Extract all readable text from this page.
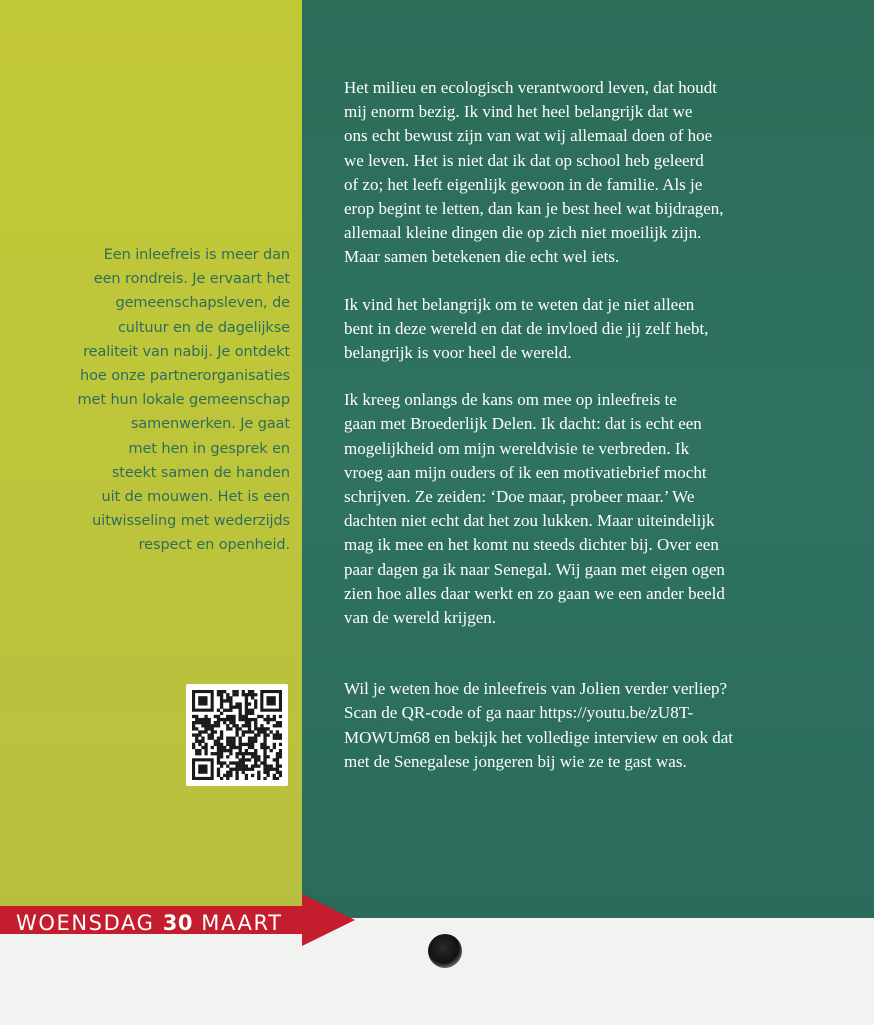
Een inleefreis is meer dan
een rondreis. Je ervaart het
gemeenschapsleven, de
cultuur en de dagelijkse
realiteit van nabij. Je ontdekt
hoe onze partnerorganisaties
met hun lokale gemeenschap
samenwerken. Je gaat
met hen in gesprek en
steekt samen de handen
uit de mouwen. Het is een
uitwisseling met wederzijds
respect en openheid.

Het milieu en ecologisch verantwoord leven, dat houdt
mij enorm bezig. Ik vind het heel belangrijk dat we
ons echt bewust zijn van wat wij allemaal doen of hoe
we leven. Het is niet dat ik dat op school heb geleerd
of zo; het leeft eigenlijk gewoon in de familie. Als je
erop begint te letten, dan kan je best heel wat bijdragen,
allemaal kleine dingen die op zich niet moeilijk zijn.
Maar samen betekenen die echt wel iets.

Ik vind het belangrijk om te weten dat je niet alleen
bent in deze wereld en dat de invloed die jij zelf hebt,
belangrijk is voor heel de wereld.

Ik kreeg onlangs de kans om mee op inleefreis te
gaan met Broederlijk Delen. Ik dacht: dat is echt een
mogelijkheid om mijn wereldvisie te verbreden. Ik
vroeg aan mijn ouders of ik een motivatiebrief mocht
schrijven. Ze zeiden: ‘Doe maar, probeer maar.’ We
dachten niet echt dat het zou lukken. Maar uiteindelijk
mag ik mee en het komt nu steeds dichter bij. Over een
paar dagen ga ik naar Senegal. Wij gaan met eigen ogen
zien hoe alles daar werkt en zo gaan we een ander beeld
van de wereld krijgen.

Wil je weten hoe de inleefreis van Jolien verder verliep?
Scan de QR-code of ga naar https://youtu.be/zU8T-
MOWUm68 en bekijk het volledige interview en ook dat
met de Senegalese jongeren bij wie ze te gast was.

WOENSDAG 30 MAART
